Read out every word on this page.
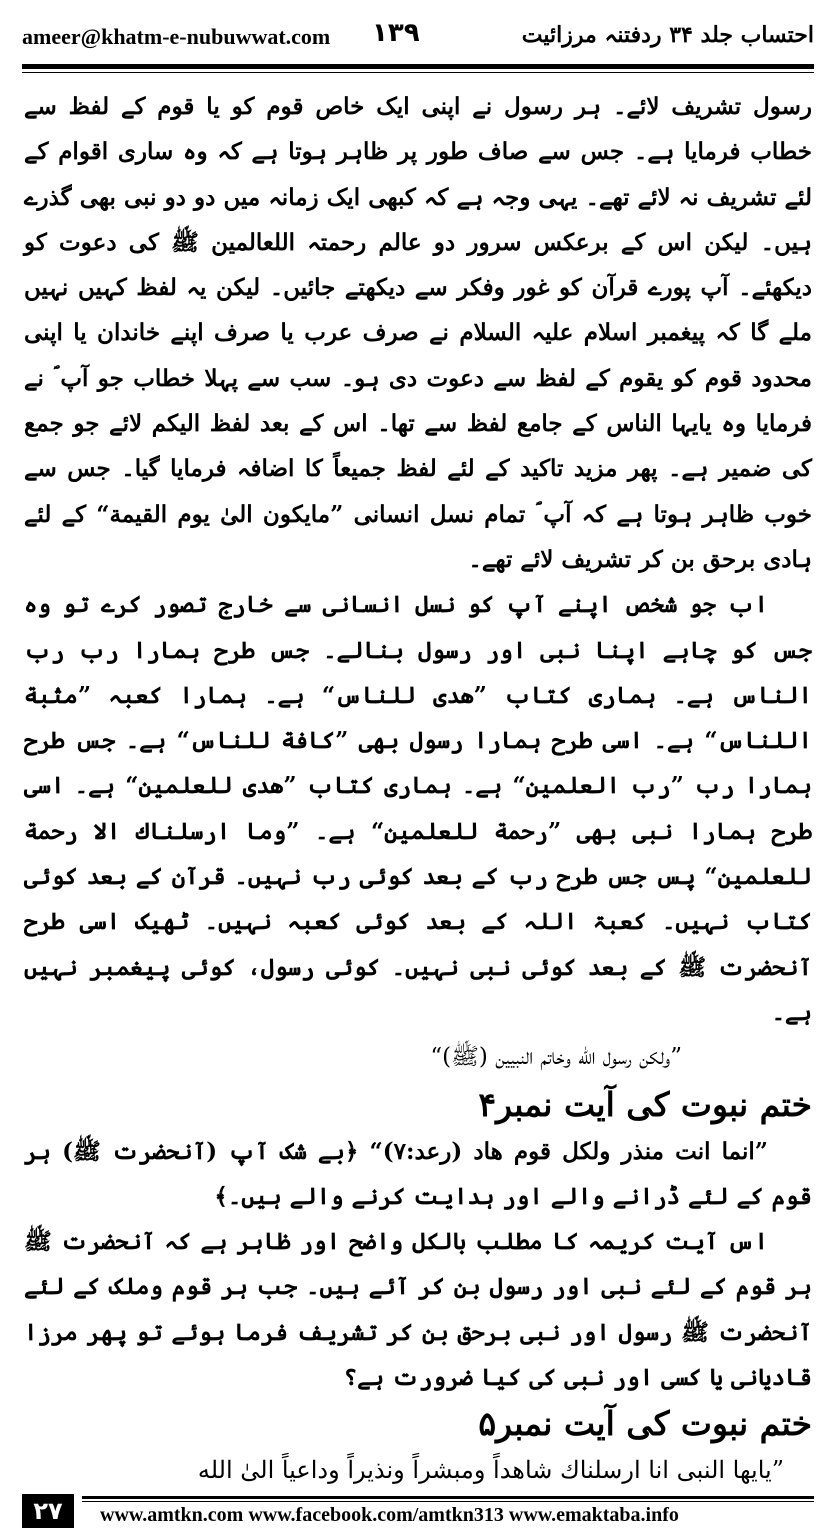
ameer@khatm-e-nubuwwat.com ۱۳۹	احتساب جلد ۳۴ ردفتنہ مرزائیت

رسول تشریف لائے۔ ہر رسول نے اپنی ایک خاص قوم کو یا قوم کے لفظ سے خطاب فرمایا ہے۔ جس سے صاف طور پر ظاہر ہوتا ہے کہ وہ ساری اقوام کے لئے تشریف نہ لائے تھے۔ یہی وجہ ہے کہ کبھی ایک زمانہ میں دو دو نبی بھی گذرے ہیں۔ لیکن اس کے برعکس سرور دو عالم رحمتہ اللعالمین ﷺ کی دعوت کو دیکھئے۔ آپ پورے قرآن کو غور وفکر سے دیکھتے جائیں۔ لیکن یہ لفظ کہیں نہیں ملے گا کہ پیغمبر اسلام علیہ السلام نے صرف عرب یا صرف اپنے خاندان یا اپنی محدود قوم کو یقوم کے لفظ سے دعوت دی ہو۔ سب سے پہلا خطاب جو آپ ؐ نے فرمایا وہ یایہا الناس کے جامع لفظ سے تھا۔ اس کے بعد لفظ الیکم لائے جو جمع کی ضمیر ہے۔ پھر مزید تاکید کے لئے لفظ جمیعاً کا اضافہ فرمایا گیا۔ جس سے خوب ظاہر ہوتا ہے کہ آپ ؐ تمام نسل انسانی ”مایکون الیٰ یوم القیمة“ کے لئے ہادی برحق بن کر تشریف لائے تھے۔

اب جو شخص اپنے آپ کو نسل انسانی سے خارج تصور کرے تو وہ جس کو چاہے اپنا نبی اور رسول بنالے۔ جس طرح ہمارا رب رب الناس ہے۔ ہماری کتاب ”ھدی للناس“ ہے۔ ہمارا کعبہ ”مثبة اللناس“ ہے۔ اسی طرح ہمارا رسول بھی ”کافة للناس“ ہے۔ جس طرح ہمارا رب ”رب العلمین“ ہے۔ ہماری کتاب ”ھدی للعلمین“ ہے۔ اسی طرح ہمارا نبی بھی ”رحمة للعلمین“ ہے۔ ”وما ارسلناك الا رحمة للعلمین“ پس جس طرح رب کے بعد کوئی رب نہیں۔ قرآن کے بعد کوئی کتاب نہیں۔ کعبۃ اللہ کے بعد کوئی کعبہ نہیں۔ ٹھیک اسی طرح آنحضرت ﷺ کے بعد کوئی نبی نہیں۔ کوئی رسول، کوئی پیغمبر نہیں ہے۔

”ولكن رسول الله وخاتم النبيين (ﷺ)“

ختم نبوت کی آیت نمبر۴

”انما انت منذر ولكل قوم هاد (رعد:۷)“ ﴿بے شک آپ (آنحضرت ﷺ) ہر قوم کے لئے ڈرانے والے اور ہدایت کرنے والے ہیں۔﴾

اس آیت کریمہ کا مطلب بالکل واضح اور ظاہر ہے کہ آنحضرت ﷺ ہر قوم کے لئے نبی اور رسول بن کر آئے ہیں۔ جب ہر قوم وملک کے لئے آنحضرت ﷺ رسول اور نبی برحق بن کر تشریف فرما ہوئے تو پھر مرزا قادیانی یا کسی اور نبی کی کیا ضرورت ہے؟

ختم نبوت کی آیت نمبر۵

”یایها النبی انا ارسلناك شاهداً ومبشراً ونذیراً وداعیاً الیٰ الله

۲۷	www.amtkn.com www.facebook.com/amtkn313 www.emaktaba.info
